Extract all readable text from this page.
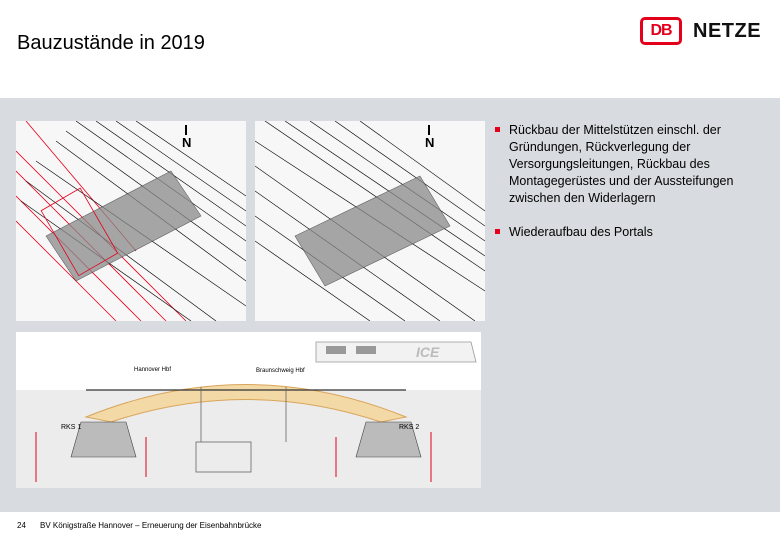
Bauzustände in 2019
DB	NETZE
N	N
ICE
Hannover Hbf	Braunschweig Hbf
RKS 1	RKS 2
Rückbau der Mittelstützen einschl. der Gründungen, Rückverlegung der Versorgungsleitungen, Rückbau des Montagegerüstes und der Aussteifungen zwischen den Widerlagern
Wiederaufbau des Portals
24 BV Königstraße Hannover – Erneuerung der Eisenbahnbrücke
